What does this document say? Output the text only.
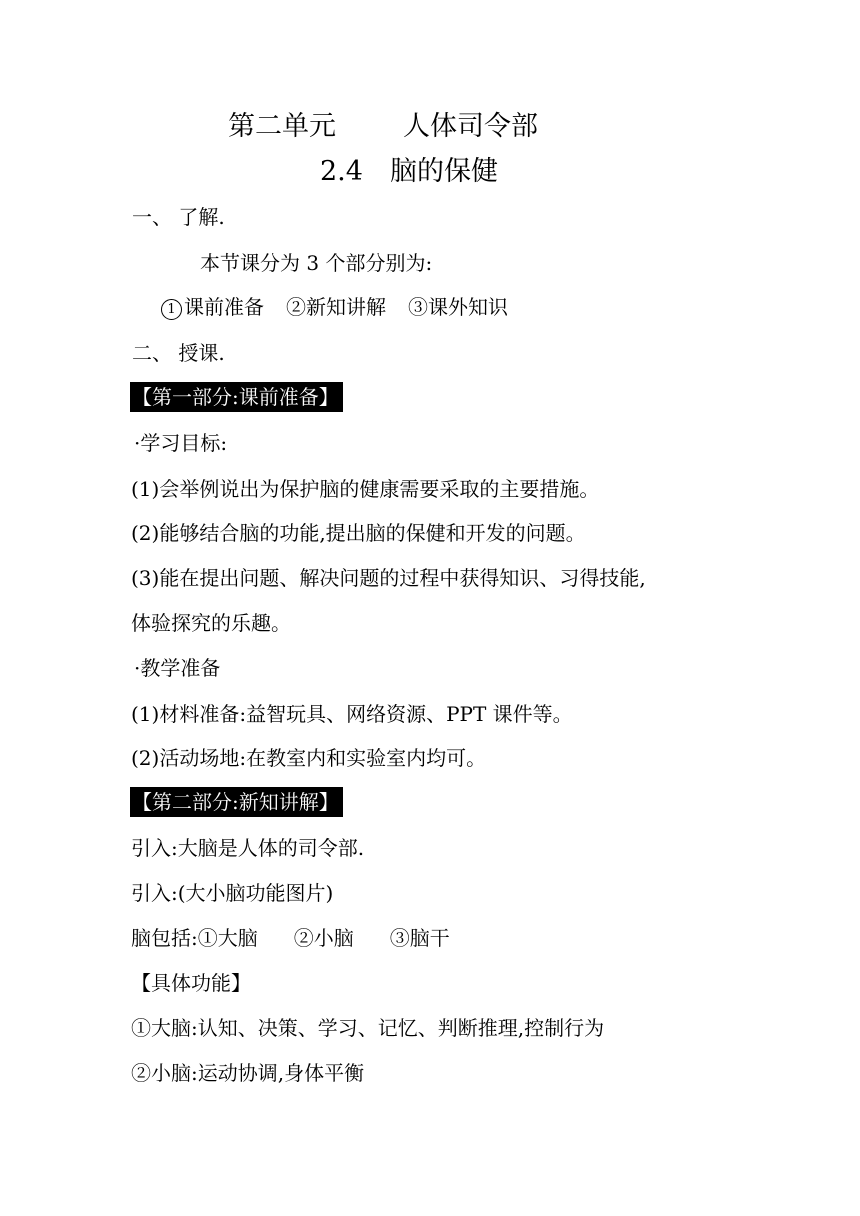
第二单元 人体司令部
2.4　脑的保健
一、 了解.
本节课分为 3 个部分别为:
1 课前准备 ②新知讲解 ③课外知识
二、 授课.
【第一部分:课前准备】
·学习目标:
(1)会举例说出为保护脑的健康需要采取的主要措施。
(2)能够结合脑的功能,提出脑的保健和开发的问题。
(3)能在提出问题、解决问题的过程中获得知识、习得技能,
体验探究的乐趣。
·教学准备
(1)材料准备:益智玩具、网络资源、PPT 课件等。
(2)活动场地:在教室内和实验室内均可。
【第二部分:新知讲解】
引入:大脑是人体的司令部.
引入:(大小脑功能图片)
脑包括:①大脑 ②小脑 ③脑干
【具体功能】
①大脑:认知、决策、学习、记忆、判断推理,控制行为
②小脑:运动协调,身体平衡
